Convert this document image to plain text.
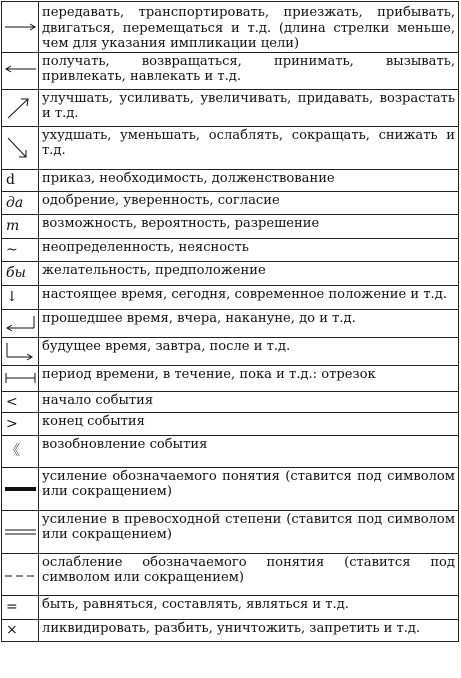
	передавать, транспортировать, приезжать, прибывать, двигаться, перемещаться и т.д. (длина стрелки меньше, чем для указания импликации цели)

	получать, возвращаться, принимать, вызывать, привлекать, навлекать и т.д.

	улучшать, усиливать, увеличивать, придавать, возрастать и т.д.

	ухудшать, уменьшать, ослаблять, сокращать, снижать и т.д.

d	приказ, необходимость, долженствование

да	одобрение, уверенность, согласие

m	возможность, вероятность, разрешение

~	неопределенность, неясность

бы	желательность, предположение

↓	настоящее время, сегодня, современное положение и т.д.

	прошедшее время, вчера, накануне, до и т.д.

	будущее время, завтра, после и т.д.

	период времени, в течение, пока и т.д.: отрезок

<	начало события

>	конец события

《	возобновление события

	усиление обозначаемого понятия (ставится под символом или сокращением)

	усиление в превосходной степени (ставится под символом или сокращением)

	ослабление обозначаемого понятия (ставится под символом или сокращением)

=	быть, равняться, составлять, являться и т.д.

×	ликвидировать, разбить, уничтожить, запретить и т.д.
